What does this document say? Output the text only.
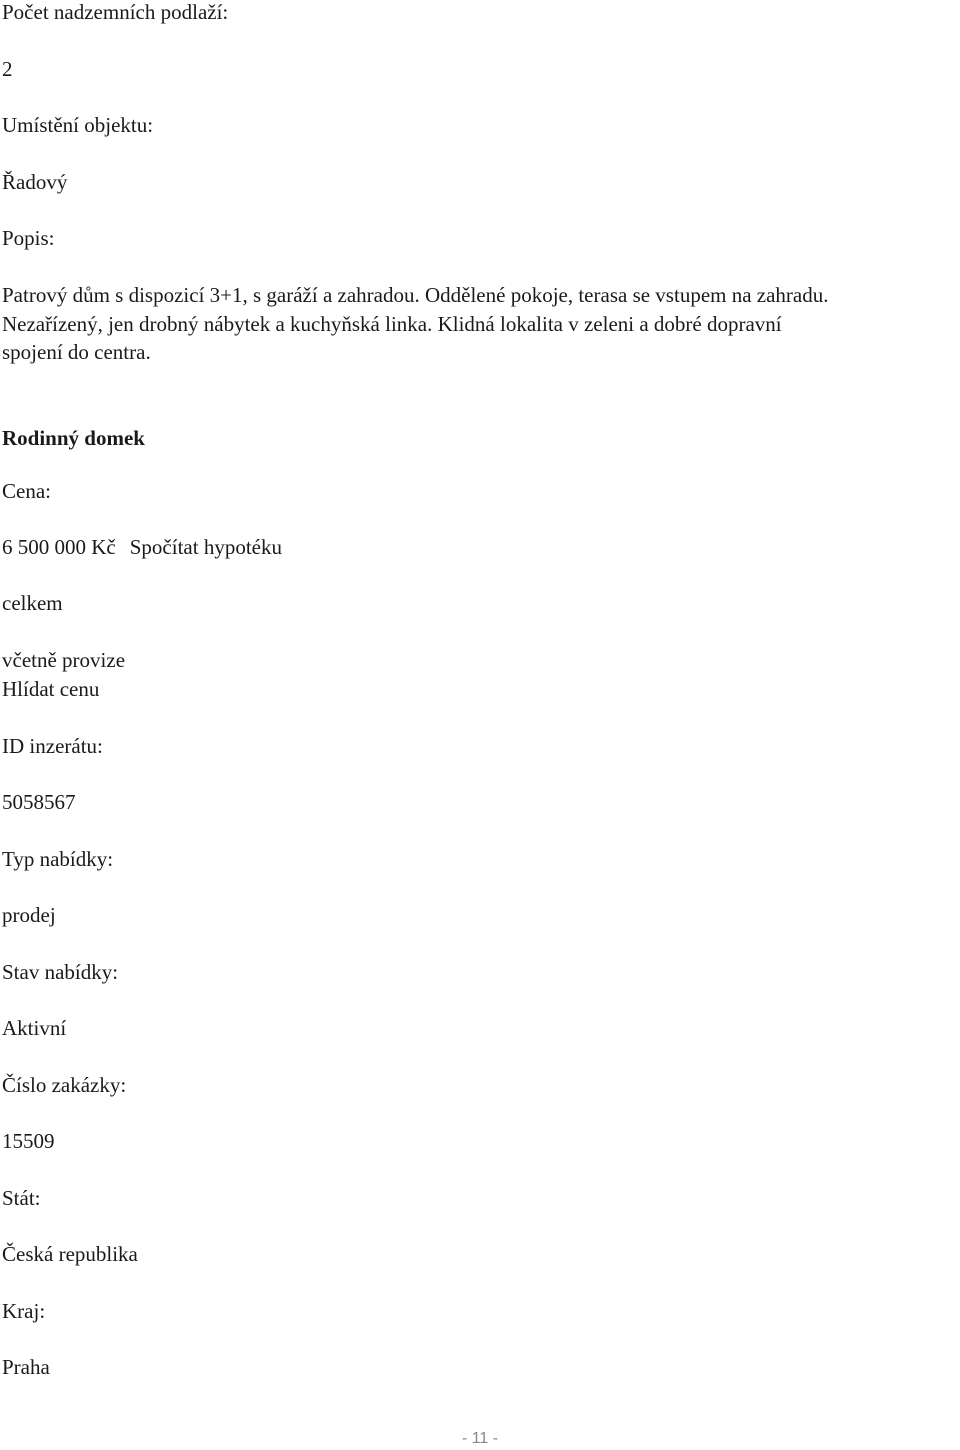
Počet nadzemních podlaží:
2
Umístění objektu:
Řadový
Popis:
Patrový dům s dispozicí 3+1, s garáží a zahradou. Oddělené pokoje, terasa se vstupem na zahradu.
Nezařízený, jen drobný nábytek a kuchyňská linka. Klidná lokalita v zeleni a dobré dopravní
spojení do centra.
Rodinný domek
Cena:
6 500 000 Kč Spočítat hypotéku
celkem
včetně provize
Hlídat cenu
ID inzerátu:
5058567
Typ nabídky:
prodej
Stav nabídky:
Aktivní
Číslo zakázky:
15509
Stát:
Česká republika
Kraj:
Praha
- 11 -
